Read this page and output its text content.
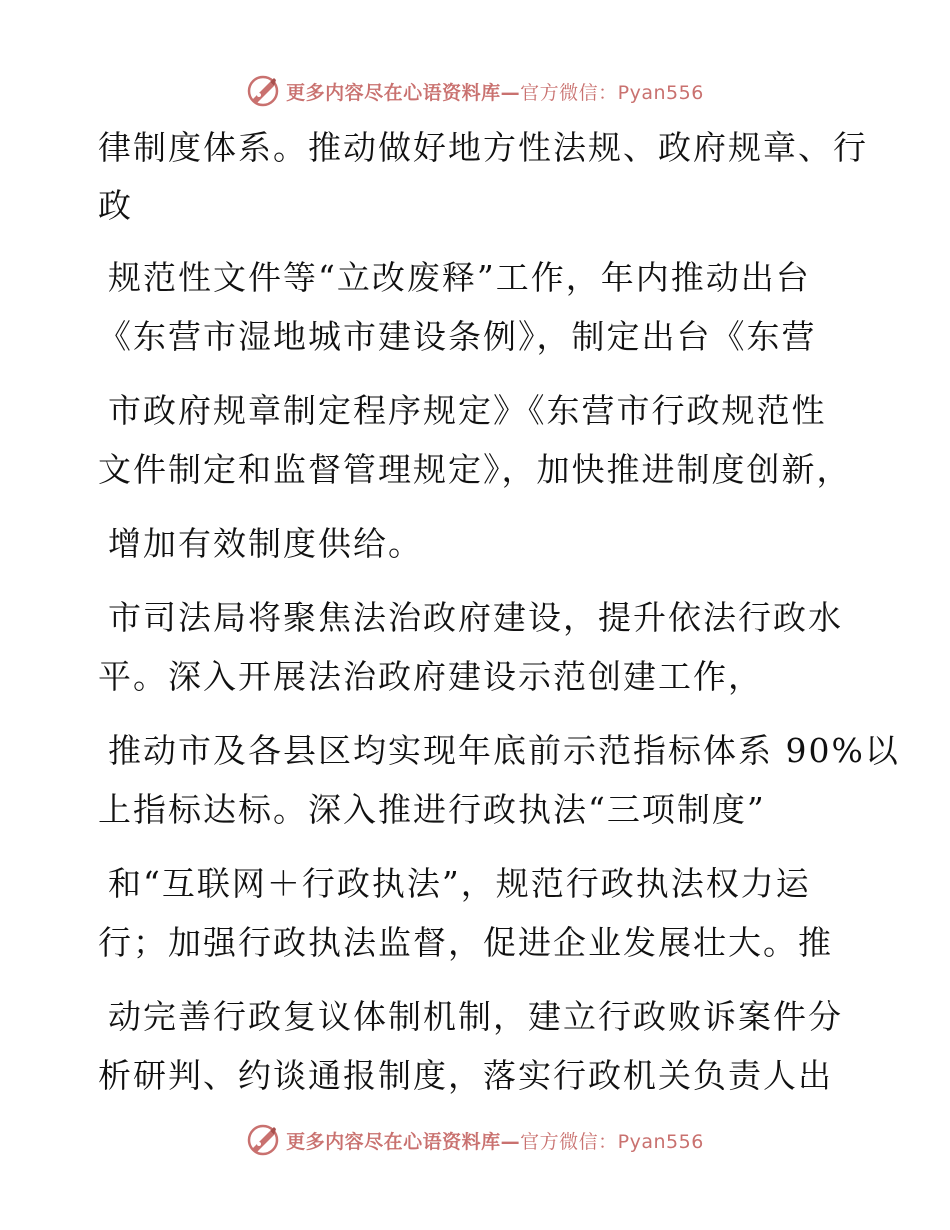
更多内容尽在心语资料库—官方微信：Pyan556
律制度体系。推动做好地方性法规、政府规章、行
政
规范性文件等“立改废释”工作，年内推动出台
《东营市湿地城市建设条例》，制定出台《东营
市政府规章制定程序规定》《东营市行政规范性
文件制定和监督管理规定》，加快推进制度创新，
增加有效制度供给。
市司法局将聚焦法治政府建设，提升依法行政水
平。深入开展法治政府建设示范创建工作，
推动市及各县区均实现年底前示范指标体系 90%以
上指标达标。深入推进行政执法“三项制度”
和“互联网＋行政执法”，规范行政执法权力运
行；加强行政执法监督，促进企业发展壮大。推
动完善行政复议体制机制，建立行政败诉案件分
析研判、约谈通报制度，落实行政机关负责人出
更多内容尽在心语资料库—官方微信：Pyan556
